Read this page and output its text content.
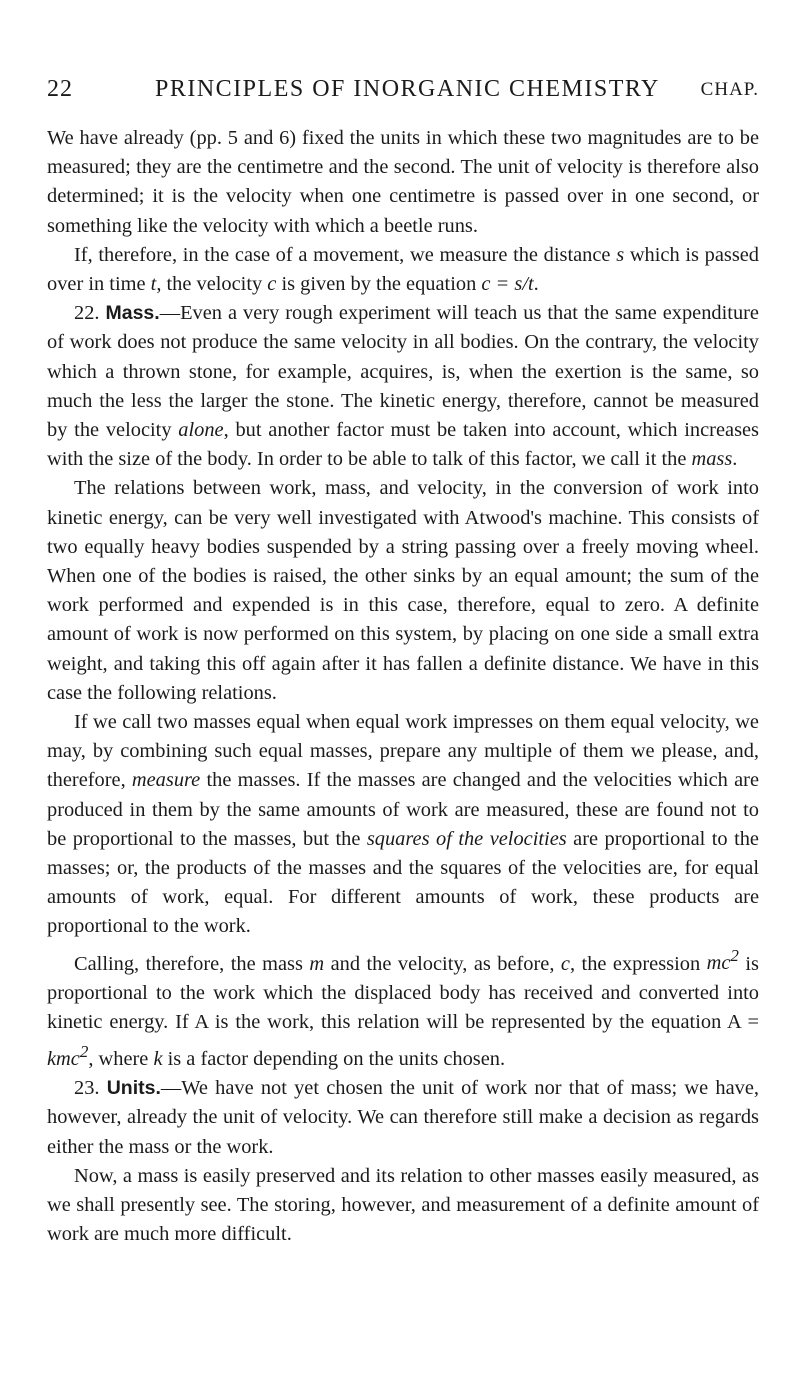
22	PRINCIPLES OF INORGANIC CHEMISTRY CHAP.

We have already (pp. 5 and 6) fixed the units in which these two magnitudes are to be measured; they are the centimetre and the second. The unit of velocity is therefore also determined; it is the velocity when one centimetre is passed over in one second, or something like the velocity with which a beetle runs.

If, therefore, in the case of a movement, we measure the distance s which is passed over in time t, the velocity c is given by the equation c = s/t.

22. Mass.—Even a very rough experiment will teach us that the same expenditure of work does not produce the same velocity in all bodies. On the contrary, the velocity which a thrown stone, for example, acquires, is, when the exertion is the same, so much the less the larger the stone. The kinetic energy, therefore, cannot be measured by the velocity alone, but another factor must be taken into account, which increases with the size of the body. In order to be able to talk of this factor, we call it the mass.

The relations between work, mass, and velocity, in the conversion of work into kinetic energy, can be very well investigated with Atwood's machine. This consists of two equally heavy bodies suspended by a string passing over a freely moving wheel. When one of the bodies is raised, the other sinks by an equal amount; the sum of the work performed and expended is in this case, therefore, equal to zero. A definite amount of work is now performed on this system, by placing on one side a small extra weight, and taking this off again after it has fallen a definite distance. We have in this case the following relations.

If we call two masses equal when equal work impresses on them equal velocity, we may, by combining such equal masses, prepare any multiple of them we please, and, therefore, measure the masses. If the masses are changed and the velocities which are produced in them by the same amounts of work are measured, these are found not to be proportional to the masses, but the squares of the velocities are proportional to the masses; or, the products of the masses and the squares of the velocities are, for equal amounts of work, equal. For different amounts of work, these products are proportional to the work.

Calling, therefore, the mass m and the velocity, as before, c, the expression $mc^2$ is proportional to the work which the displaced body has received and converted into kinetic energy. If A is the work, this relation will be represented by the equation A = kmc$^2$, where k is a factor depending on the units chosen.

23. Units.—We have not yet chosen the unit of work nor that of mass; we have, however, already the unit of velocity. We can therefore still make a decision as regards either the mass or the work.

Now, a mass is easily preserved and its relation to other masses easily measured, as we shall presently see. The storing, however, and measurement of a definite amount of work are much more difficult.
